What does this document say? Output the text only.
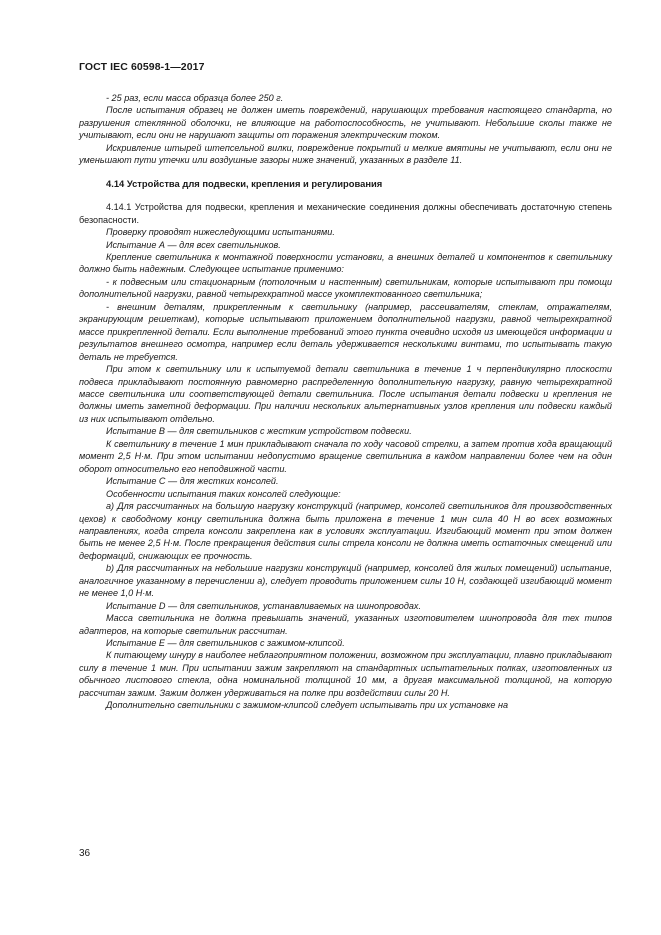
ГОСТ IEC 60598-1—2017

- 25 раз, если масса образца более 250 г.

После испытания образец не должен иметь повреждений, нарушающих требования настоящего стандарта, но разрушения стеклянной оболочки, не влияющие на работоспособность, не учитывают. Небольшие сколы также не учитывают, если они не нарушают защиты от поражения электрическим током.

Искривление штырей штепсельной вилки, повреждение покрытий и мелкие вмятины не учитывают, если они не уменьшают пути утечки или воздушные зазоры ниже значений, указанных в разделе 11.

4.14 Устройства для подвески, крепления и регулирования

4.14.1 Устройства для подвески, крепления и механические соединения должны обеспечивать достаточную степень безопасности.

Проверку проводят нижеследующими испытаниями.

Испытание А — для всех светильников.

Крепление светильника к монтажной поверхности установки, а внешних деталей и компонентов к светильнику должно быть надежным. Следующее испытание применимо:

- к подвесным или стационарным (потолочным и настенным) светильникам, которые испытывают при помощи дополнительной нагрузки, равной четырехкратной массе укомплектованного светильника;

- внешним деталям, прикрепленным к светильнику (например, рассеивателям, стеклам, отражателям, экранирующим решеткам), которые испытывают приложением дополнительной нагрузки, равной четырехкратной массе прикрепленной детали. Если выполнение требований этого пункта очевидно исходя из имеющейся информации и результатов внешнего осмотра, например если деталь удерживается несколькими винтами, то испытывать такую деталь не требуется.

При этом к светильнику или к испытуемой детали светильника в течение 1 ч перпендикулярно плоскости подвеса прикладывают постоянную равномерно распределенную дополнительную нагрузку, равную четырехкратной массе светильника или соответствующей детали светильника. После испытания детали подвески и крепления не должны иметь заметной деформации. При наличии нескольких альтернативных узлов крепления или подвески каждый из них испытывают отдельно.

Испытание В — для светильников с жестким устройством подвески.

К светильнику в течение 1 мин прикладывают сначала по ходу часовой стрелки, а затем против хода вращающий момент 2,5 Н·м. При этом испытании недопустимо вращение светильника в каждом направлении более чем на один оборот относительно его неподвижной части.

Испытание С — для жестких консолей.

Особенности испытания таких консолей следующие:

a) Для рассчитанных на большую нагрузку конструкций (например, консолей светильников для производственных цехов) к свободному концу светильника должна быть приложена в течение 1 мин сила 40 Н во всех возможных направлениях, когда стрела консоли закреплена как в условиях эксплуатации. Изгибающий момент при этом должен быть не менее 2,5 Н·м. После прекращения действия силы стрела консоли не должна иметь остаточных смещений или деформаций, снижающих ее прочность.

b) Для рассчитанных на небольшие нагрузки конструкций (например, консолей для жилых помещений) испытание, аналогичное указанному в перечислении а), следует проводить приложением силы 10 Н, создающей изгибающий момент не менее 1,0 Н·м.

Испытание D — для светильников, устанавливаемых на шинопроводах.

Масса светильника не должна превышать значений, указанных изготовителем шинопровода для тех типов адаптеров, на которые светильник рассчитан.

Испытание Е — для светильников с зажимом-клипсой.

К питающему шнуру в наиболее неблагоприятном положении, возможном при эксплуатации, плавно прикладывают силу в течение 1 мин. При испытании зажим закрепляют на стандартных испытательных полках, изготовленных из обычного листового стекла, одна номинальной толщиной 10 мм, а другая максимальной толщиной, на которую рассчитан зажим. Зажим должен удерживаться на полке при воздействии силы 20 Н.

Дополнительно светильники с зажимом-клипсой следует испытывать при их установке на

36
